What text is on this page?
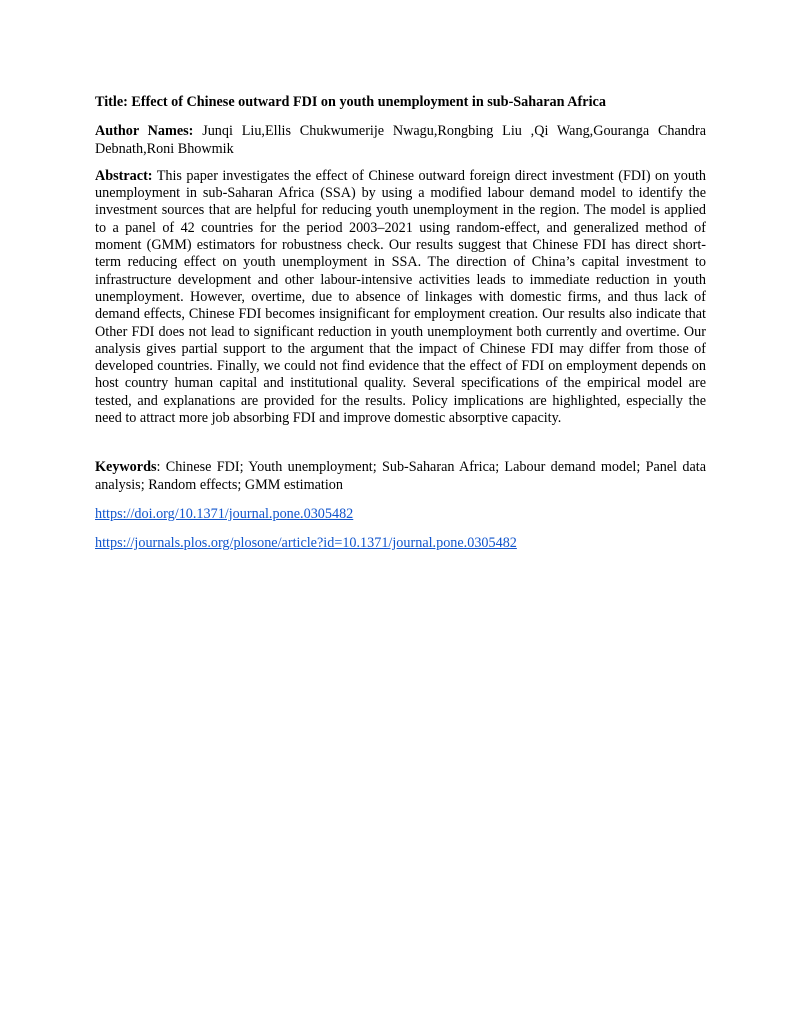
Title: Effect of Chinese outward FDI on youth unemployment in sub-Saharan Africa

Author Names: Junqi Liu,Ellis Chukwumerije Nwagu,Rongbing Liu ,Qi Wang,Gouranga Chandra Debnath,Roni Bhowmik

Abstract: This paper investigates the effect of Chinese outward foreign direct investment (FDI) on youth unemployment in sub-Saharan Africa (SSA) by using a modified labour demand model to identify the investment sources that are helpful for reducing youth unemployment in the region. The model is applied to a panel of 42 countries for the period 2003–2021 using random-effect, and generalized method of moment (GMM) estimators for robustness check. Our results suggest that Chinese FDI has direct short-term reducing effect on youth unemployment in SSA. The direction of China’s capital investment to infrastructure development and other labour-intensive activities leads to immediate reduction in youth unemployment. However, overtime, due to absence of linkages with domestic firms, and thus lack of demand effects, Chinese FDI becomes insignificant for employment creation. Our results also indicate that Other FDI does not lead to significant reduction in youth unemployment both currently and overtime. Our analysis gives partial support to the argument that the impact of Chinese FDI may differ from those of developed countries. Finally, we could not find evidence that the effect of FDI on employment depends on host country human capital and institutional quality. Several specifications of the empirical model are tested, and explanations are provided for the results. Policy implications are highlighted, especially the need to attract more job absorbing FDI and improve domestic absorptive capacity.

Keywords: Chinese FDI; Youth unemployment; Sub-Saharan Africa; Labour demand model; Panel data analysis; Random effects; GMM estimation

https://doi.org/10.1371/journal.pone.0305482
https://journals.plos.org/plosone/article?id=10.1371/journal.pone.0305482
